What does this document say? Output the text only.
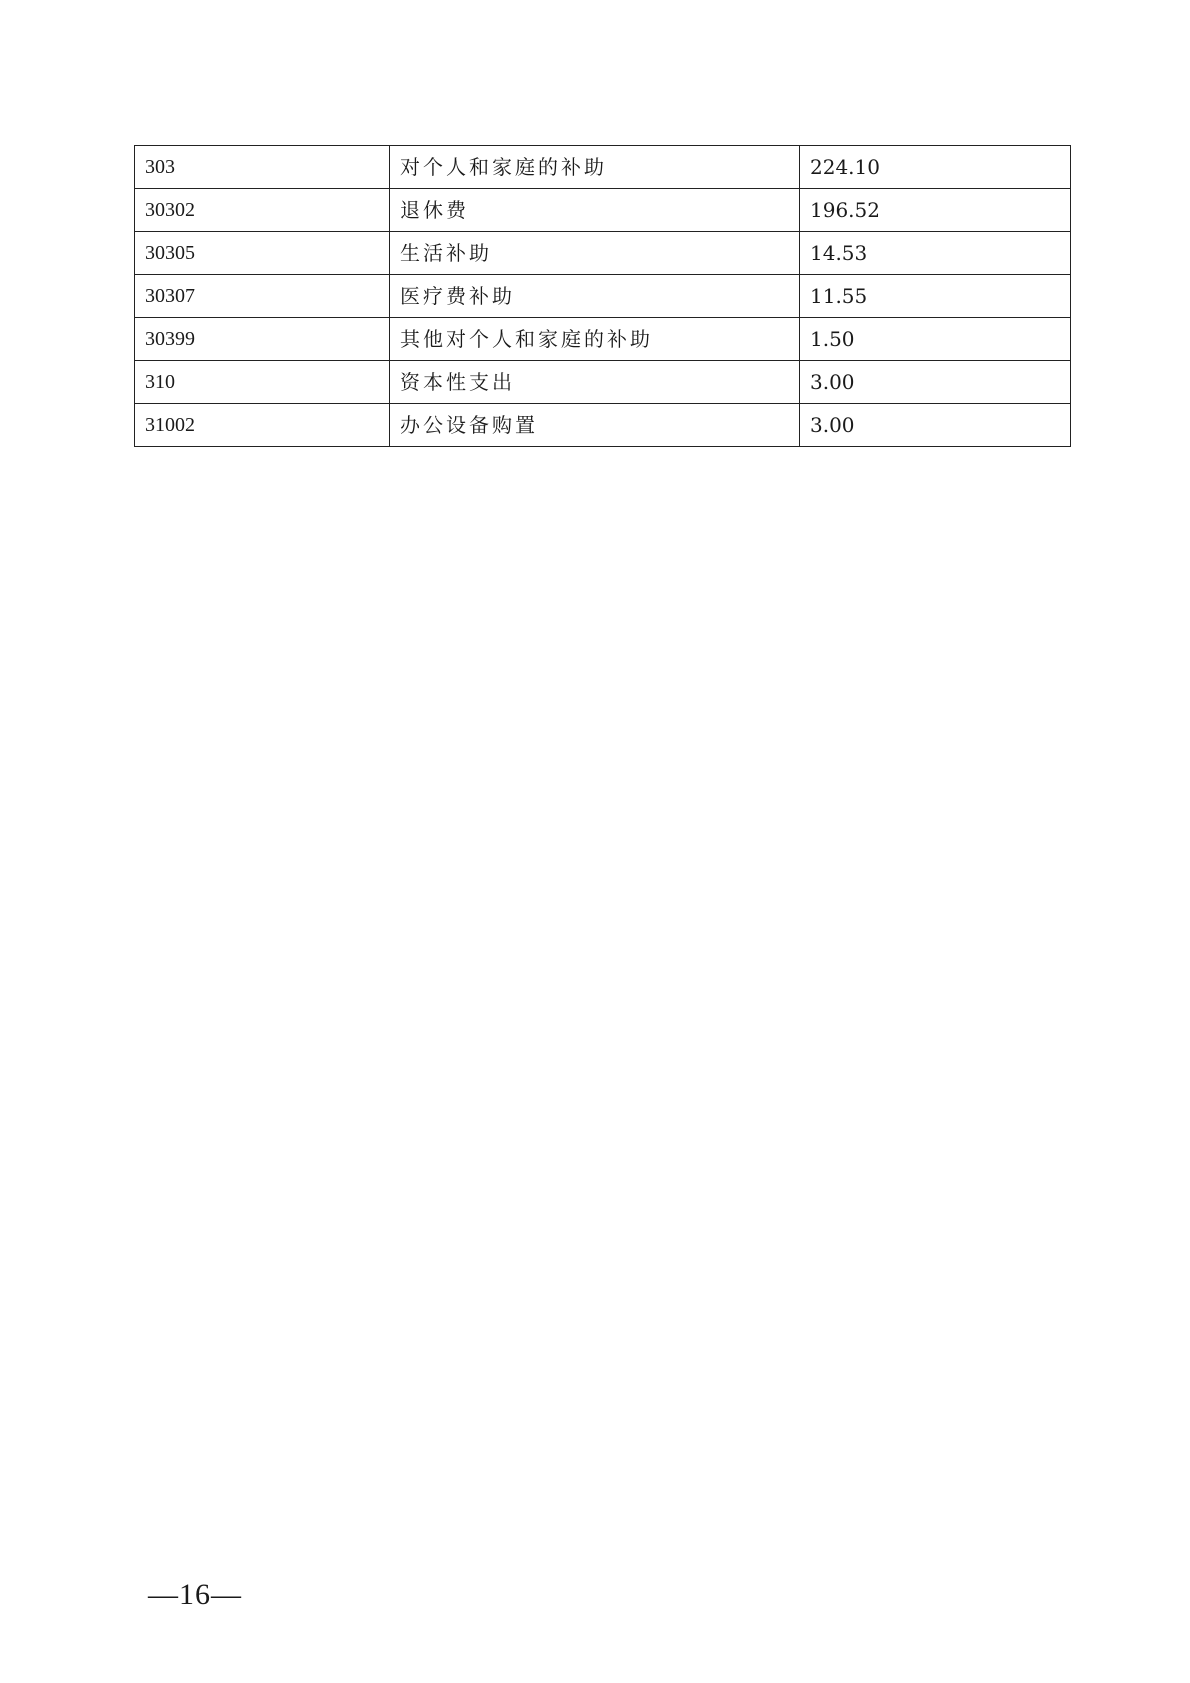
303	对个人和家庭的补助	224.10
30302	退休费	196.52
30305	生活补助	14.53
30307	医疗费补助	11.55
30399	其他对个人和家庭的补助	1.50
310	资本性支出	3.00
31002	办公设备购置	3.00
—16—
